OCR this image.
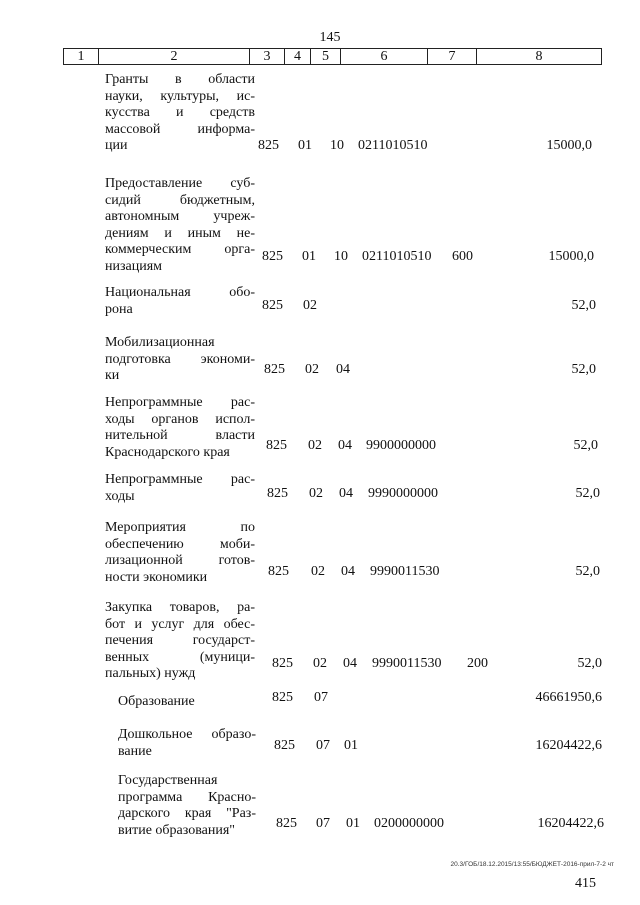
145
1	2	3	4	5	6	7	8
Гранты в области
науки, культуры, ис-
кусства и средств
массовой информа-
ции	825 01 10 0211010510	15000,0
Предоставление суб-
сидий бюджетным,
автономным учреж-
дениям и иным не-
коммерческим орга-
низациям
825 01 10 0211010510 600	15000,0
Национальная обо-
рона	825 02	52,0
Мобилизационная
подготовка экономи-
ки	825 02 04	52,0
Непрограммные рас-
ходы органов испол-
нительной власти
Краснодарского края	825 02 04 9900000000	52,0
Непрограммные рас-
ходы	825 02 04 9990000000	52,0
Мероприятия по
обеспечению моби-
лизационной готов-
ности экономики	825 02 04 9990011530	52,0
Закупка товаров, ра-
бот и услуг для обес-
печения государст-
венных (муници-
пальных) нужд
825 02 04 9990011530 200	52,0
Образование	825 07	46661950,6
Дошкольное образо-
вание	825 07 01	16204422,6
Государственная
программа Красно-
дарского края "Раз-
витие образования"	825 07 01 0200000000	16204422,6
20.3/ГОБ/18.12.2015/13:55/БЮДЖЕТ-2016-прил-7-2 чт
415
